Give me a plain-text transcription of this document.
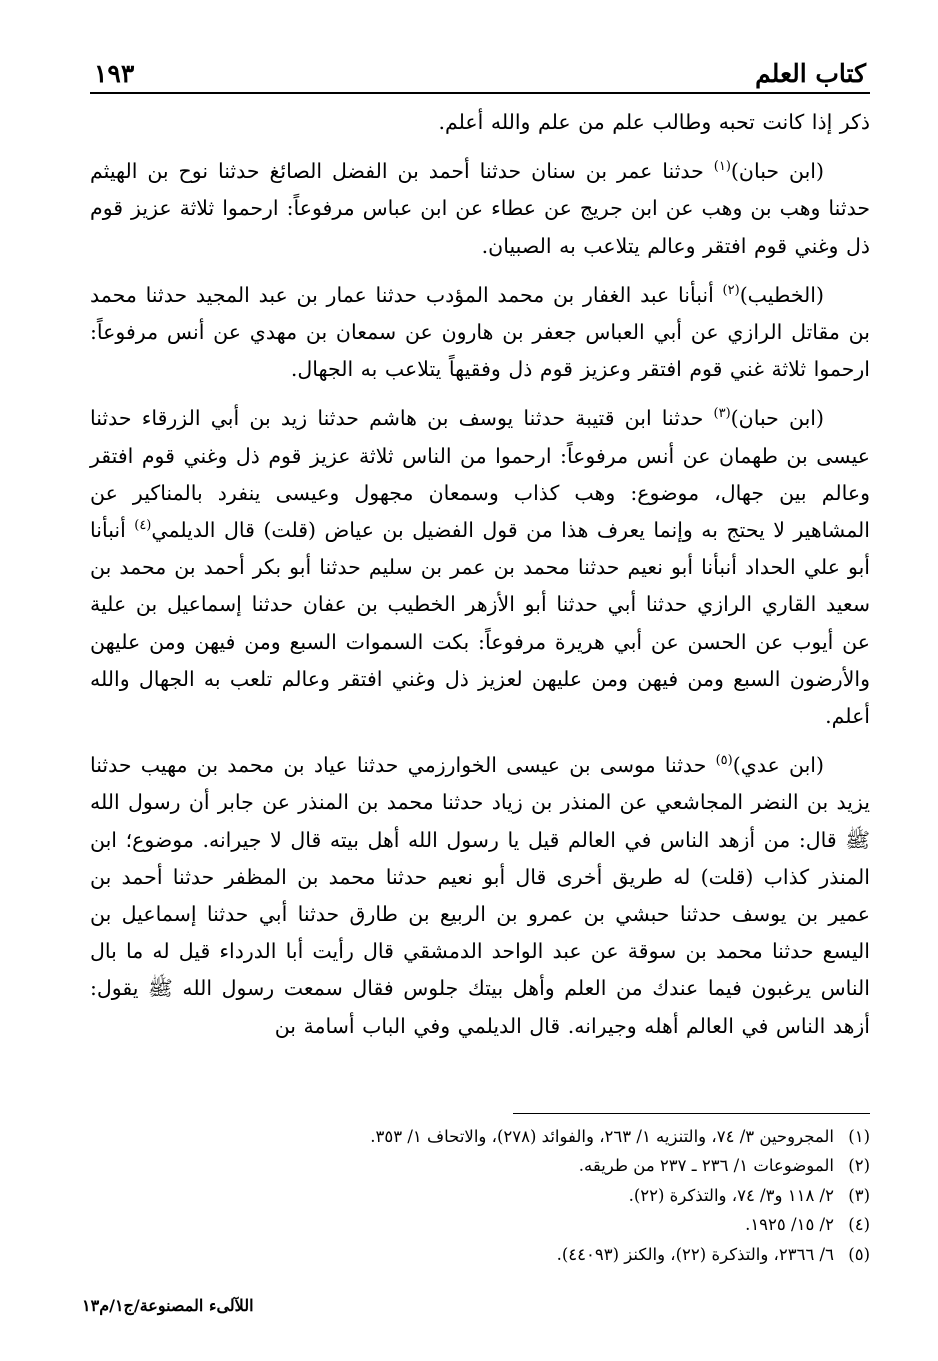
كتاب العلم
١٩٣

ذكر إذا كانت تحبه وطالب علم من علم والله أعلم.

(ابن حبان)$^{(١)}$ حدثنا عمر بن سنان حدثنا أحمد بن الفضل الصائغ حدثنا نوح بن الهيثم حدثنا وهب بن وهب عن ابن جريج عن عطاء عن ابن عباس مرفوعاً: ارحموا ثلاثة عزيز قوم ذل وغني قوم افتقر وعالم يتلاعب به الصبيان.

(الخطيب)$^{(٢)}$ أنبأنا عبد الغفار بن محمد المؤدب حدثنا عمار بن عبد المجيد حدثنا محمد بن مقاتل الرازي عن أبي العباس جعفر بن هارون عن سمعان بن مهدي عن أنس مرفوعاً: ارحموا ثلاثة غني قوم افتقر وعزيز قوم ذل وفقيهاً يتلاعب به الجهال.

(ابن حبان)$^{(٣)}$ حدثنا ابن قتيبة حدثنا يوسف بن هاشم حدثنا زيد بن أبي الزرقاء حدثنا عيسى بن طهمان عن أنس مرفوعاً: ارحموا من الناس ثلاثة عزيز قوم ذل وغني قوم افتقر وعالم بين جهال، موضوع: وهب كذاب وسمعان مجهول وعيسى ينفرد بالمناكير عن المشاهير لا يحتج به وإنما يعرف هذا من قول الفضيل بن عياض (قلت) قال الديلمي$^{(٤)}$ أنبأنا أبو علي الحداد أنبأنا أبو نعيم حدثنا محمد بن عمر بن سليم حدثنا أبو بكر أحمد بن محمد بن سعيد القاري الرازي حدثنا أبي حدثنا أبو الأزهر الخطيب بن عفان حدثنا إسماعيل بن علية عن أيوب عن الحسن عن أبي هريرة مرفوعاً: بكت السموات السبع ومن فيهن ومن عليهن والأرضون السبع ومن فيهن ومن عليهن لعزيز ذل وغني افتقر وعالم تلعب به الجهال والله أعلم.

(ابن عدي)$^{(٥)}$ حدثنا موسى بن عيسى الخوارزمي حدثنا عياد بن محمد بن مهيب حدثنا يزيد بن النضر المجاشعي عن المنذر بن زياد حدثنا محمد بن المنذر عن جابر أن رسول الله ﷺ قال: من أزهد الناس في العالم قيل يا رسول الله أهل بيته قال لا جيرانه. موضوع؛ ابن المنذر كذاب (قلت) له طريق أخرى قال أبو نعيم حدثنا محمد بن المظفر حدثنا أحمد بن عمير بن يوسف حدثنا حبشي بن عمرو بن الربيع بن طارق حدثنا أبي حدثنا إسماعيل بن اليسع حدثنا محمد بن سوقة عن عبد الواحد الدمشقي قال رأيت أبا الدرداء قيل له ما بال الناس يرغبون فيما عندك من العلم وأهل بيتك جلوس فقال سمعت رسول الله ﷺ يقول: أزهد الناس في العالم أهله وجيرانه. قال الديلمي وفي الباب أسامة بن

(١)المجروحين ٣/ ٧٤، والتنزيه ١/ ٢٦٣، والفوائد (٢٧٨)، والاتحاف ١/ ٣٥٣.
(٢)الموضوعات ١/ ٢٣٦ ـ ٢٣٧ من طريقه.
(٣)٢/ ١١٨ و٣/ ٧٤، والتذكرة (٢٢).
(٤)٢/ ١٥/ ١٩٢٥.
(٥)٦/ ٢٣٦٦، والتذكرة (٢٢)، والكنز (٤٤٠٩٣).
اللآلىء المصنوعة/ج١/م١٣
